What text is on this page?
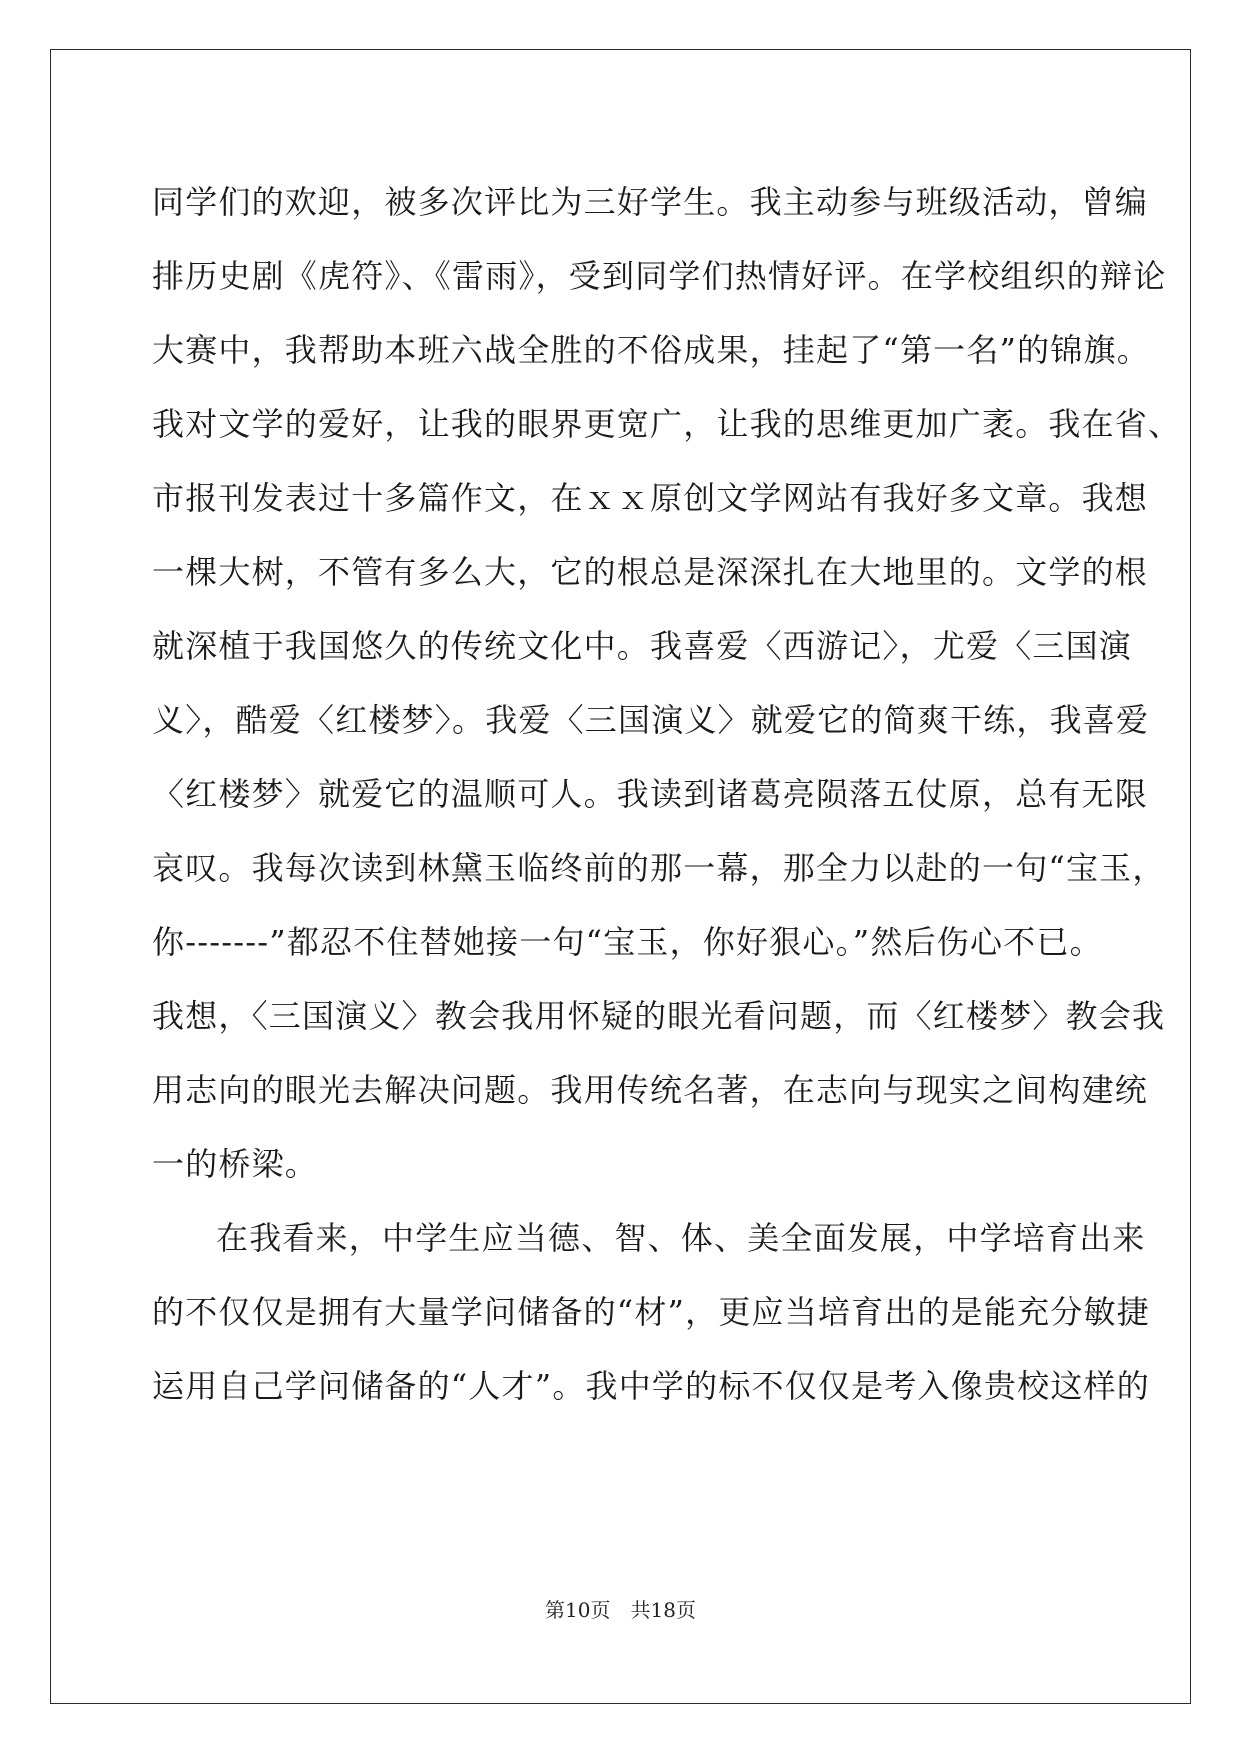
同学们的欢迎，被多次评比为三好学生。我主动参与班级活动，曾编
排历史剧《虎符》、《雷雨》，受到同学们热情好评。在学校组织的辩论
大赛中，我帮助本班六战全胜的不俗成果，挂起了“第一名”的锦旗。
我对文学的爱好，让我的眼界更宽广，让我的思维更加广袤。我在省、
市报刊发表过十多篇作文，在ｘｘ原创文学网站有我好多文章。我想
一棵大树，不管有多么大，它的根总是深深扎在大地里的。文学的根
就深植于我国悠久的传统文化中。我喜爱〈西游记〉，尤爱〈三国演
义〉，酷爱〈红楼梦〉。我爱〈三国演义〉就爱它的简爽干练，我喜爱
〈红楼梦〉就爱它的温顺可人。我读到诸葛亮陨落五仗原，总有无限
哀叹。我每次读到林黛玉临终前的那一幕，那全力以赴的一句“宝玉，
你-------”都忍不住替她接一句“宝玉，你好狠心。”然后伤心不已。
我想，〈三国演义〉教会我用怀疑的眼光看问题，而〈红楼梦〉教会我
用志向的眼光去解决问题。我用传统名著，在志向与现实之间构建统
一的桥梁。
在我看来，中学生应当德、智、体、美全面发展，中学培育出来
的不仅仅是拥有大量学问储备的“材”，更应当培育出的是能充分敏捷
运用自己学问储备的“人才”。我中学的标不仅仅是考入像贵校这样的
第10页　共18页
